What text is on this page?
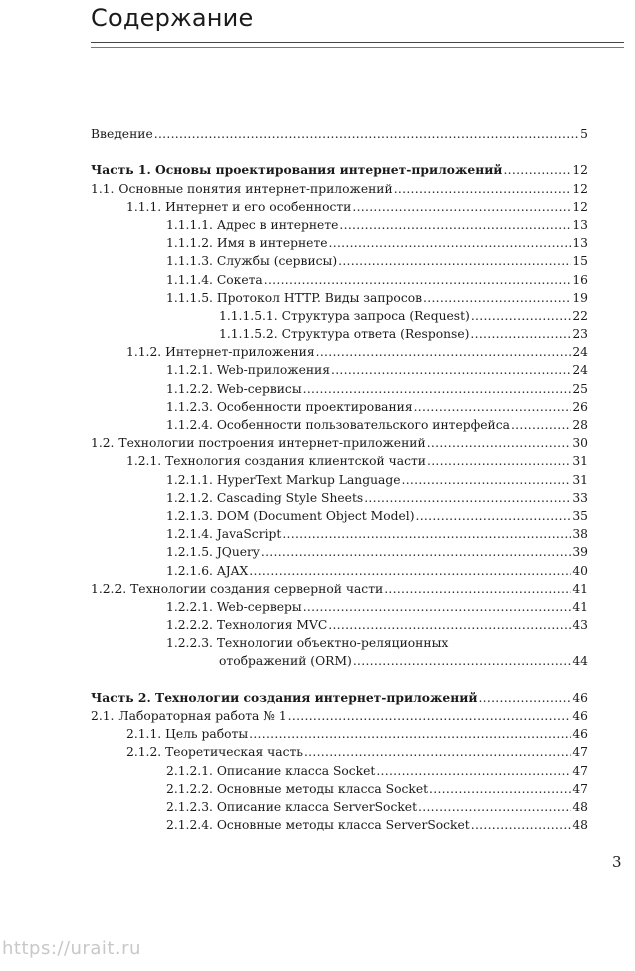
Содержание
Введение .....	5
Часть 1. Основы проектирования интернет-приложений .....	12
1.1. Основные понятия интернет-приложений .....	12
1.1.1. Интернет и его особенности .....	12
1.1.1.1. Адрес в интернете .....	13
1.1.1.2. Имя в интернете .....	13
1.1.1.3. Службы (сервисы) .....	15
1.1.1.4. Сокета .....	16
1.1.1.5. Протокол HTTP. Виды запросов .....	19
1.1.1.5.1. Структура запроса (Request) .....	22
1.1.1.5.2. Структура ответа (Response) .....	23
1.1.2. Интернет-приложения .....	24
1.1.2.1. Web-приложения .....	24
1.1.2.2. Web-сервисы .....	25
1.1.2.3. Особенности проектирования .....	26
1.1.2.4. Особенности пользовательского интерфейса .....	28
1.2. Технологии построения интернет-приложений .....	30
1.2.1. Технология создания клиентской части .....	31
1.2.1.1. HyperText Markup Language .....	31
1.2.1.2. Cascading Style Sheets .....	33
1.2.1.3. DOM (Document Object Model) .....	35
1.2.1.4. JavaScript .....	38
1.2.1.5. JQuery .....	39
1.2.1.6. AJAX .....	40
1.2.2. Технологии создания серверной части .....	41
1.2.2.1. Web-серверы .....	41
1.2.2.2. Технология MVC .....	43
1.2.2.3. Технологии объектно-реляционных
отображений (ORM) .....	44
Часть 2. Технологии создания интернет-приложений .....	46
2.1. Лабораторная работа № 1 .....	46
2.1.1. Цель работы .....	46
2.1.2. Теоретическая часть .....	47
2.1.2.1. Описание класса Socket .....	47
2.1.2.2. Основные методы класса Socket .....	47
2.1.2.3. Описание класса ServerSocket .....	48
2.1.2.4. Основные методы класса ServerSocket .....	48
3
https://urait.ru
